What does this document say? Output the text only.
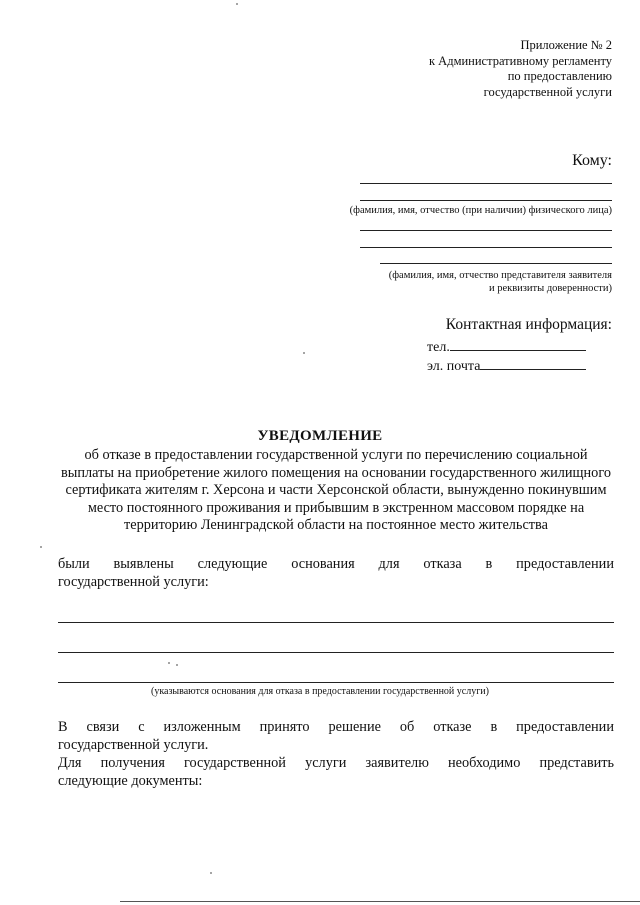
Приложение № 2
к Административному регламенту
по предоставлению
государственной услуги
Кому:
(фамилия, имя, отчество (при наличии) физического лица)
(фамилия, имя, отчество представителя заявителя
и реквизиты доверенности)
Контактная информация:
тел.
эл. почта
УВЕДОМЛЕНИЕ
об отказе в предоставлении государственной услуги по перечислению социальной выплаты на приобретение жилого помещения на основании государственного жилищного сертификата жителям г. Херсона и части Херсонской области, вынужденно покинувшим место постоянного проживания и прибывшим в экстренном массовом порядке на территорию Ленинградской области на постоянное место жительства
были выявлены следующие основания для отказа в предоставлении
государственной услуги:
(указываются основания для отказа в предоставлении государственной услуги)
В связи с изложенным принято решение об отказе в предоставлении
государственной услуги.
Для получения государственной услуги заявителю необходимо представить
следующие документы:
